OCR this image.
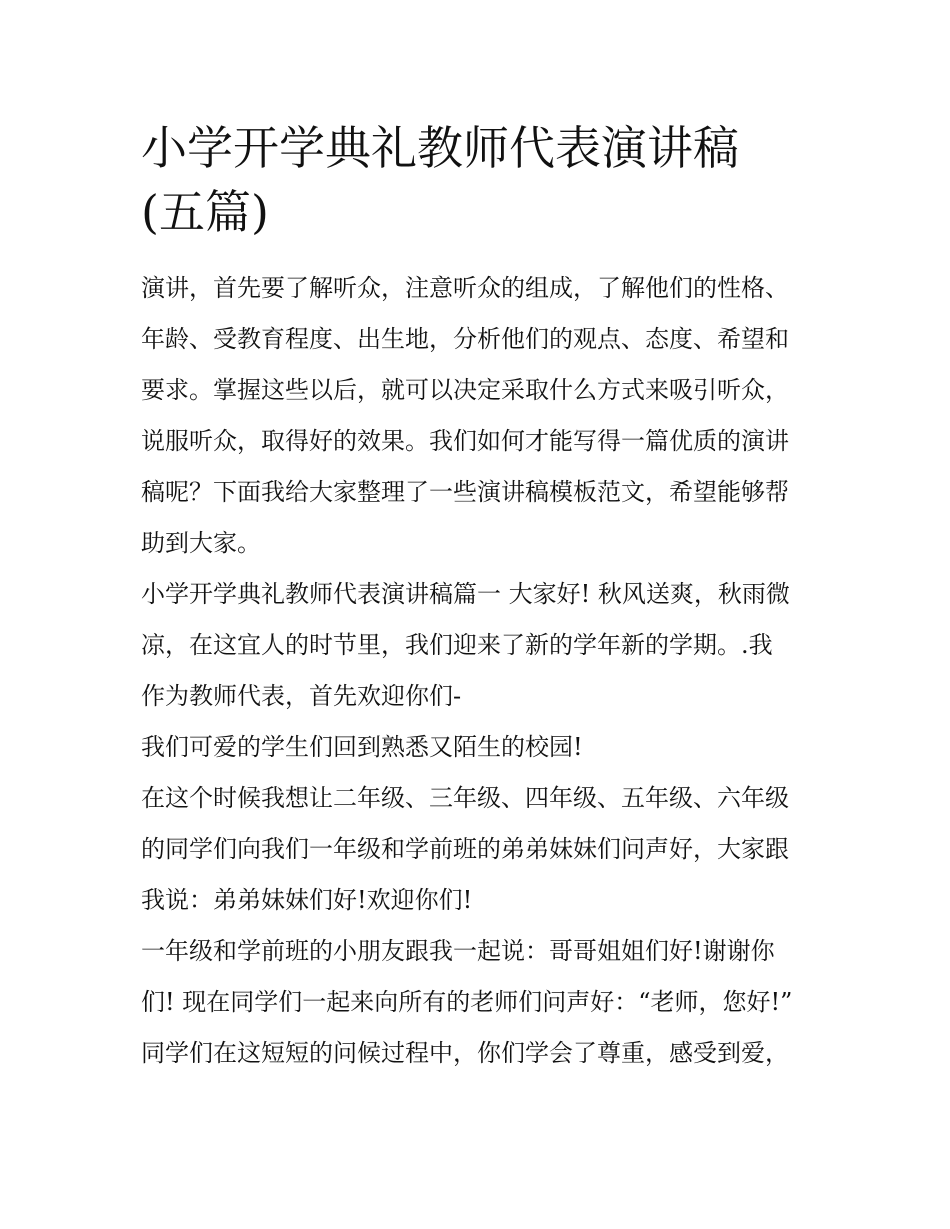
小学开学典礼教师代表演讲稿
(五篇)
演讲，首先要了解听众，注意听众的组成，了解他们的性格、
年龄、受教育程度、出生地，分析他们的观点、态度、希望和
要求。掌握这些以后，就可以决定采取什么方式来吸引听众，
说服听众，取得好的效果。我们如何才能写得一篇优质的演讲
稿呢？下面我给大家整理了一些演讲稿模板范文，希望能够帮
助到大家。
小学开学典礼教师代表演讲稿篇一 大家好! 秋风送爽，秋雨微
凉，在这宜人的时节里，我们迎来了新的学年新的学期。.我
作为教师代表，首先欢迎你们-
我们可爱的学生们回到熟悉又陌生的校园!
在这个时候我想让二年级、三年级、四年级、五年级、六年级
的同学们向我们一年级和学前班的弟弟妹妹们问声好，大家跟
我说：弟弟妹妹们好!欢迎你们!
一年级和学前班的小朋友跟我一起说：哥哥姐姐们好!谢谢你
们! 现在同学们一起来向所有的老师们问声好：“老师，您好!”
同学们在这短短的问候过程中，你们学会了尊重，感受到爱，
